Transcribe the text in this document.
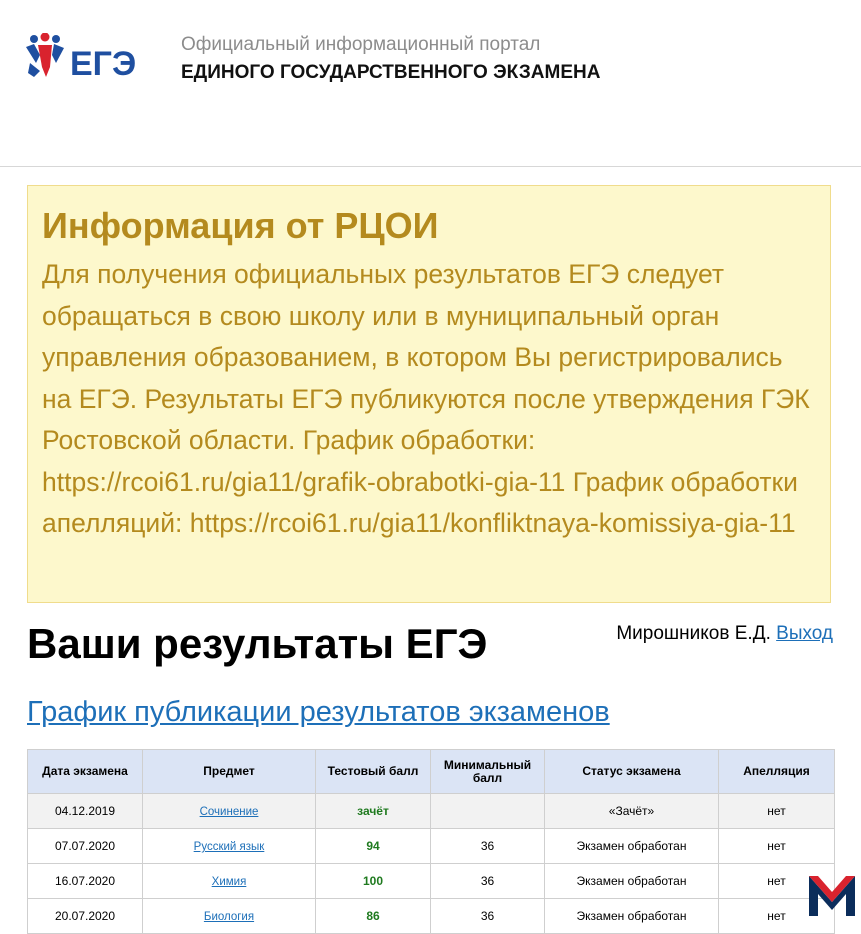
ЕГЭ
Официальный информационный портал
ЕДИНОГО ГОСУДАРСТВЕННОГО ЭКЗАМЕНА
Информация от РЦОИ
Для получения официальных результатов ЕГЭ следует обращаться в свою школу или в муниципальный орган управления образованием, в котором Вы регистрировались на ЕГЭ. Результаты ЕГЭ публикуются после утверждения ГЭК Ростовской области. График обработки: https://rcoi61.ru/gia11/grafik-obrabotki-gia-11 График обработки апелляций: https://rcoi61.ru/gia11/konfliktnaya-komissiya-gia-11
Ваши результаты ЕГЭ	Мирошников Е.Д. Выход
График публикации результатов экзаменов
Дата экзамена	Предмет	Тестовый балл	Минимальный балл	Статус экзамена	Апелляция
04.12.2019	Сочинение	зачёт		«Зачёт»	нет
07.07.2020	Русский язык	94	36	Экзамен обработан	нет
16.07.2020	Химия	100	36	Экзамен обработан	нет
20.07.2020	Биология	86	36	Экзамен обработан	нет
